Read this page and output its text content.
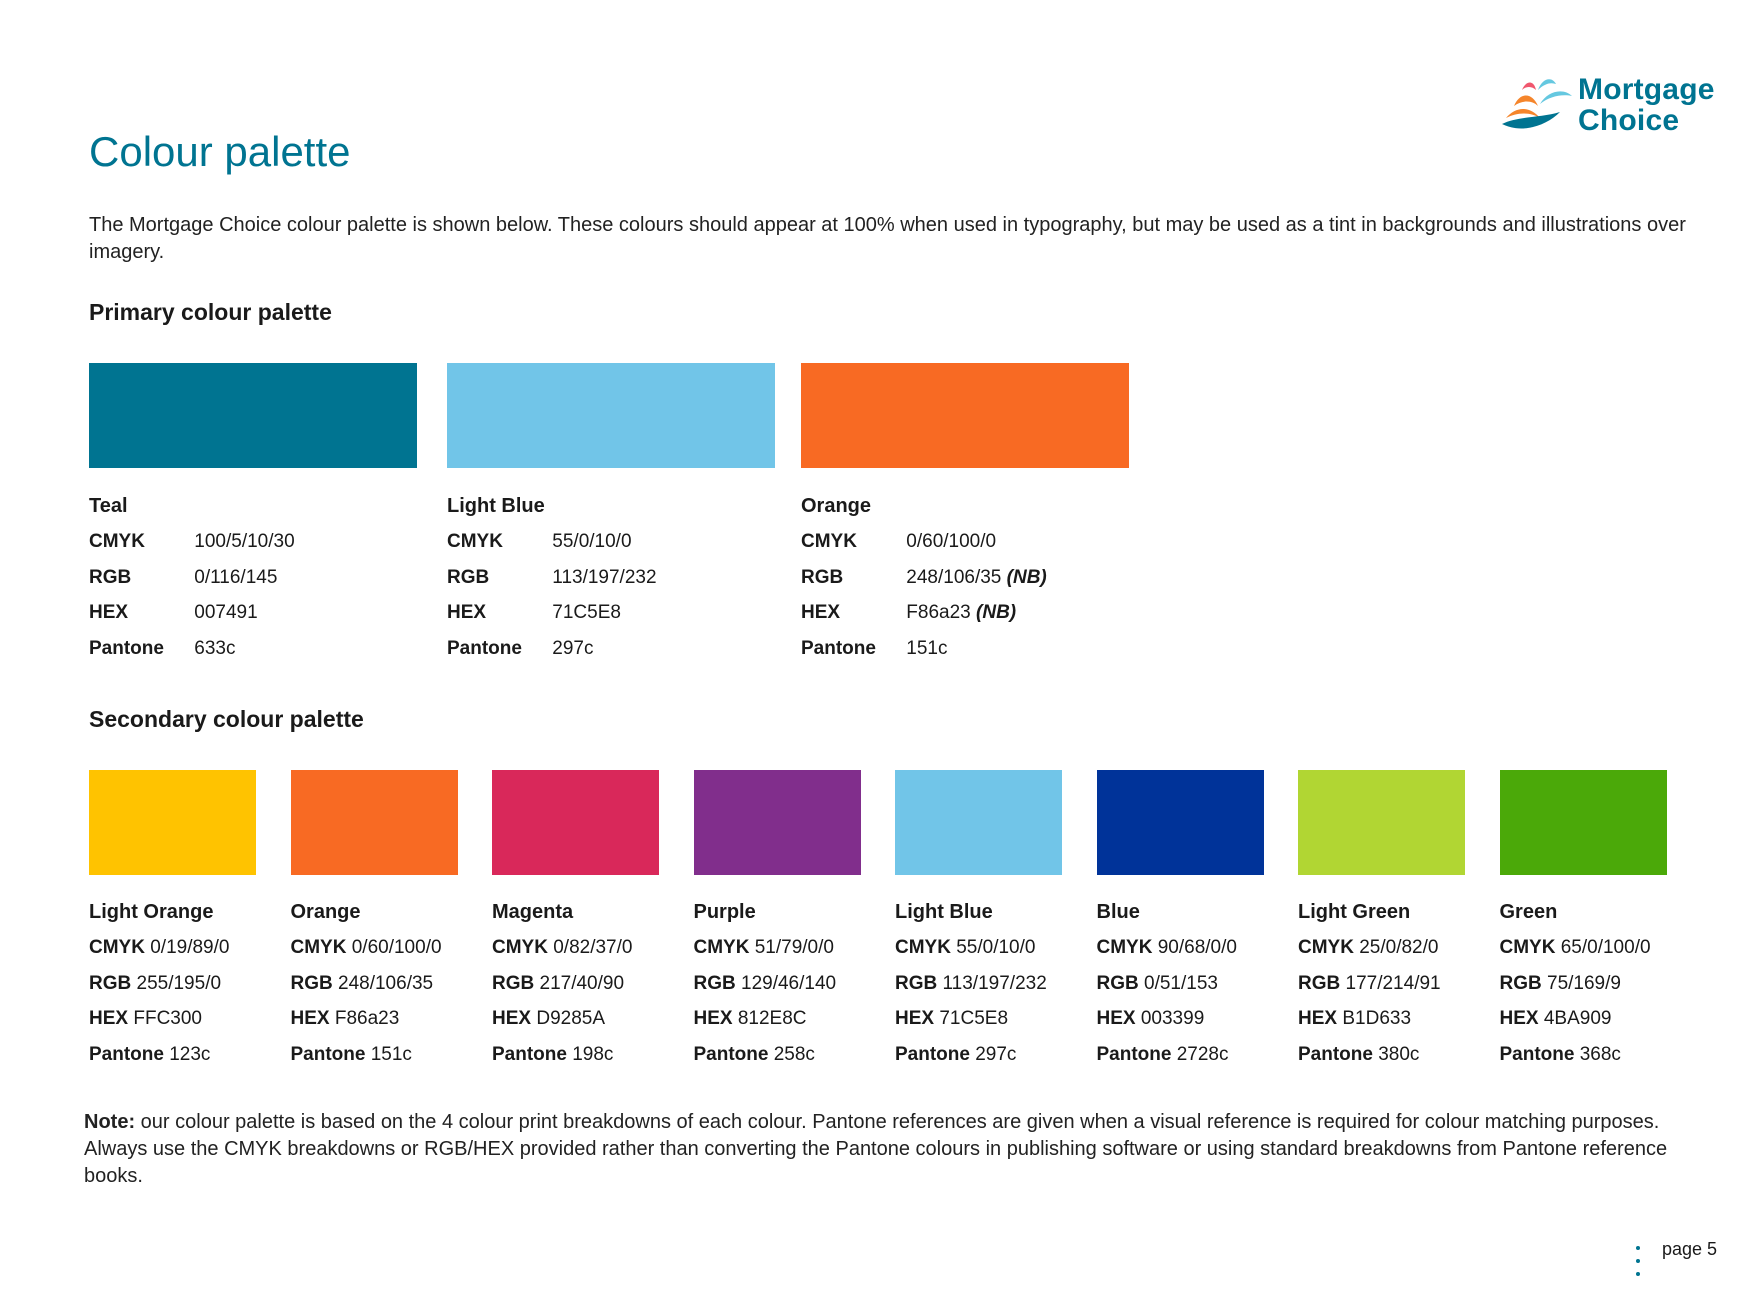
Mortgage
Choice
Colour palette

The Mortgage Choice colour palette is shown below. These colours should appear at 100% when used in typography, but may be used as a tint in backgrounds and illustrations over imagery.

Primary colour palette
Teal
CMYK	100/5/10/30
RGB	0/116/145
HEX	007491
Pantone 633c
Light Blue
CMYK	55/0/10/0
RGB	113/197/232
HEX	71C5E8
Pantone 297c
Orange
CMYK	0/60/100/0
RGB	248/106/35 (NB)
HEX	F86a23 (NB)
Pantone 151c
Secondary colour palette
Light Orange
CMYK 0/19/89/0
RGB 255/195/0
HEX FFC300
Pantone 123c
Orange
CMYK 0/60/100/0
RGB 248/106/35
HEX F86a23
Pantone 151c
Magenta
CMYK 0/82/37/0
RGB 217/40/90
HEX D9285A
Pantone 198c
Purple
CMYK 51/79/0/0
RGB 129/46/140
HEX 812E8C
Pantone 258c
Light Blue
CMYK 55/0/10/0
RGB 113/197/232
HEX 71C5E8
Pantone 297c
Blue
CMYK 90/68/0/0
RGB 0/51/153
HEX 003399
Pantone 2728c
Light Green
CMYK 25/0/82/0
RGB 177/214/91
HEX B1D633
Pantone 380c
Green
CMYK 65/0/100/0
RGB 75/169/9
HEX 4BA909
Pantone 368c

Note: our colour palette is based on the 4 colour print breakdowns of each colour. Pantone references are given when a visual reference is required for colour matching purposes. Always use the CMYK breakdowns or RGB/HEX provided rather than converting the Pantone colours in publishing software or using standard breakdowns from Pantone reference books.

page 5
